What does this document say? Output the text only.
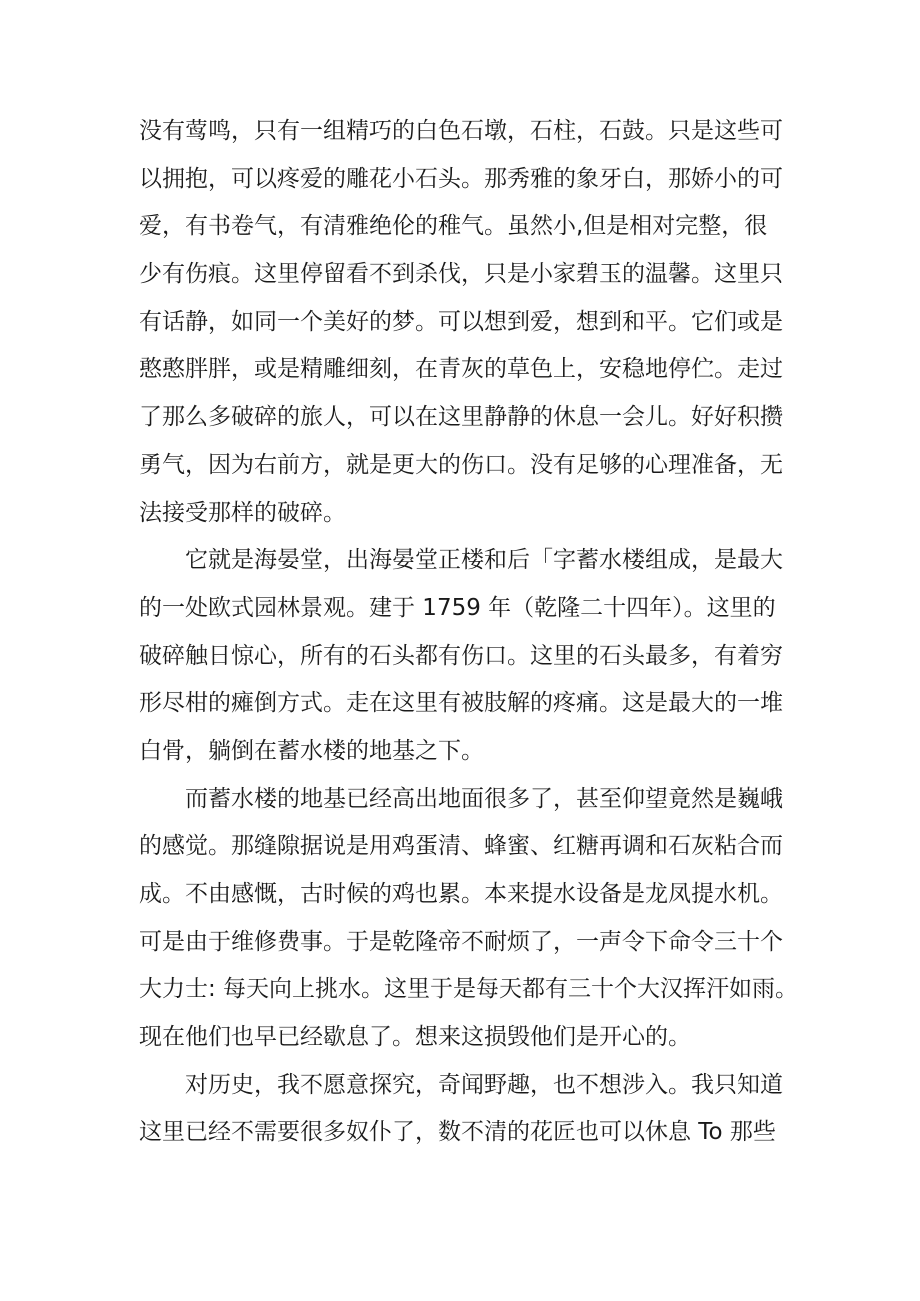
没有莺鸣，只有一组精巧的白色石墩，石柱，石鼓。只是这些可
以拥抱，可以疼爱的雕花小石头。那秀雅的象牙白，那娇小的可
爱，有书卷气，有清雅绝伦的稚气。虽然小,但是相对完整，很
少有伤痕。这里停留看不到杀伐，只是小家碧玉的温馨。这里只
有话静，如同一个美好的梦。可以想到爱，想到和平。它们或是
憨憨胖胖，或是精雕细刻，在青灰的草色上，安稳地停伫。走过
了那么多破碎的旅人，可以在这里静静的休息一会儿。好好积攒
勇气，因为右前方，就是更大的伤口。没有足够的心理准备，无
法接受那样的破碎。
它就是海晏堂，出海晏堂正楼和后「字蓄水楼组成，是最大
的一处欧式园林景观。建于 1759 年（乾隆二十四年）。这里的
破碎触日惊心，所有的石头都有伤口。这里的石头最多，有着穷
形尽柑的瘫倒方式。走在这里有被肢解的疼痛。这是最大的一堆
白骨，躺倒在蓄水楼的地基之下。
而蓄水楼的地基已经高出地面很多了，甚至仰望竟然是巍峨
的感觉。那缝隙据说是用鸡蛋清、蜂蜜、红糖再调和石灰粘合而
成。不由感慨，古时候的鸡也累。本来提水设备是龙凤提水机。
可是由于维修费事。于是乾隆帝不耐烦了，一声令下命令三十个
大力士: 每天向上挑水。这里于是每天都有三十个大汉挥汗如雨。
现在他们也早已经歇息了。想来这损毁他们是开心的。
对历史，我不愿意探究，奇闻野趣，也不想涉入。我只知道
这里已经不需要很多奴仆了，数不清的花匠也可以休息 To 那些
